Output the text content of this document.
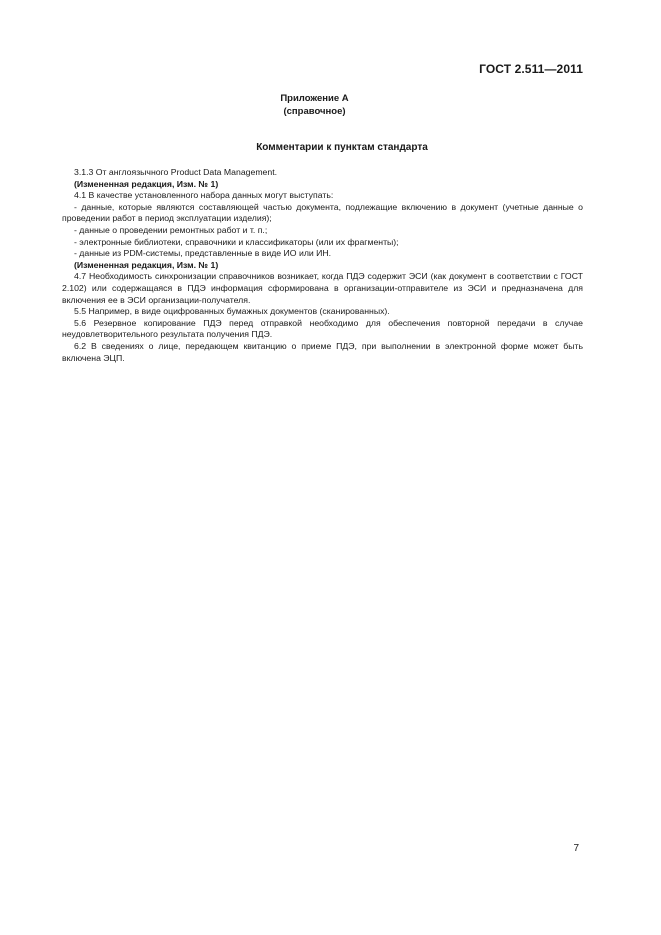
ГОСТ 2.511—2011
Приложение А
(справочное)
Комментарии к пунктам стандарта

3.1.3 От англоязычного Product Data Management.

(Измененная редакция, Изм. № 1)

4.1 В качестве установленного набора данных могут выступать:

- данные, которые являются составляющей частью документа, подлежащие включению в документ (учетные данные о проведении работ в период эксплуатации изделия);

- данные о проведении ремонтных работ и т. п.;

- электронные библиотеки, справочники и классификаторы (или их фрагменты);

- данные из PDM-системы, представленные в виде ИО или ИН.

(Измененная редакция, Изм. № 1)

4.7 Необходимость синхронизации справочников возникает, когда ПДЭ содержит ЭСИ (как документ в соответствии с ГОСТ 2.102) или содержащаяся в ПДЭ информация сформирована в организации-отправителе из ЭСИ и предназначена для включения ее в ЭСИ организации-получателя.

5.5 Например, в виде оцифрованных бумажных документов (сканированных).

5.6 Резервное копирование ПДЭ перед отправкой необходимо для обеспечения повторной передачи в случае неудовлетворительного результата получения ПДЭ.

6.2 В сведениях о лице, передающем квитанцию о приеме ПДЭ, при выполнении в электронной форме может быть включена ЭЦП.

7
